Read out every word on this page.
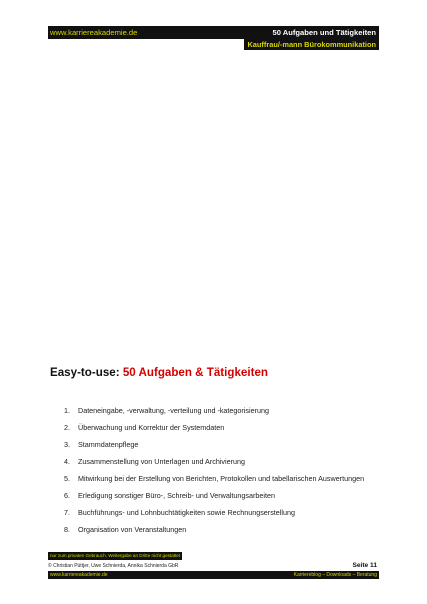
www.karriereakademie.de	50 Aufgaben und Tätigkeiten
Kauffrau/-mann Bürokommunikation
Easy-to-use: 50 Aufgaben & Tätigkeiten
1. Dateneingabe, -verwaltung, -verteilung und -kategorisierung
2. Überwachung und Korrektur der Systemdaten
3. Stammdatenpflege
4. Zusammenstellung von Unterlagen und Archivierung
5. Mitwirkung bei der Erstellung von Berichten, Protokollen und tabellarischen Auswertungen
6. Erledigung sonstiger Büro-, Schreib- und Verwaltungsarbeiten
7. Buchführungs- und Lohnbuchtätigkeiten sowie Rechnungserstellung
8. Organisation von Veranstaltungen
nur zum privaten Gebrauch, Weitergabe an Dritte nicht gestattet
© Christian Püttjer, Uwe Schnierda, Annika Schnierda GbR	Seite 11
www.karriereakademie.de	Karriereblog – Downloads – Beratung
